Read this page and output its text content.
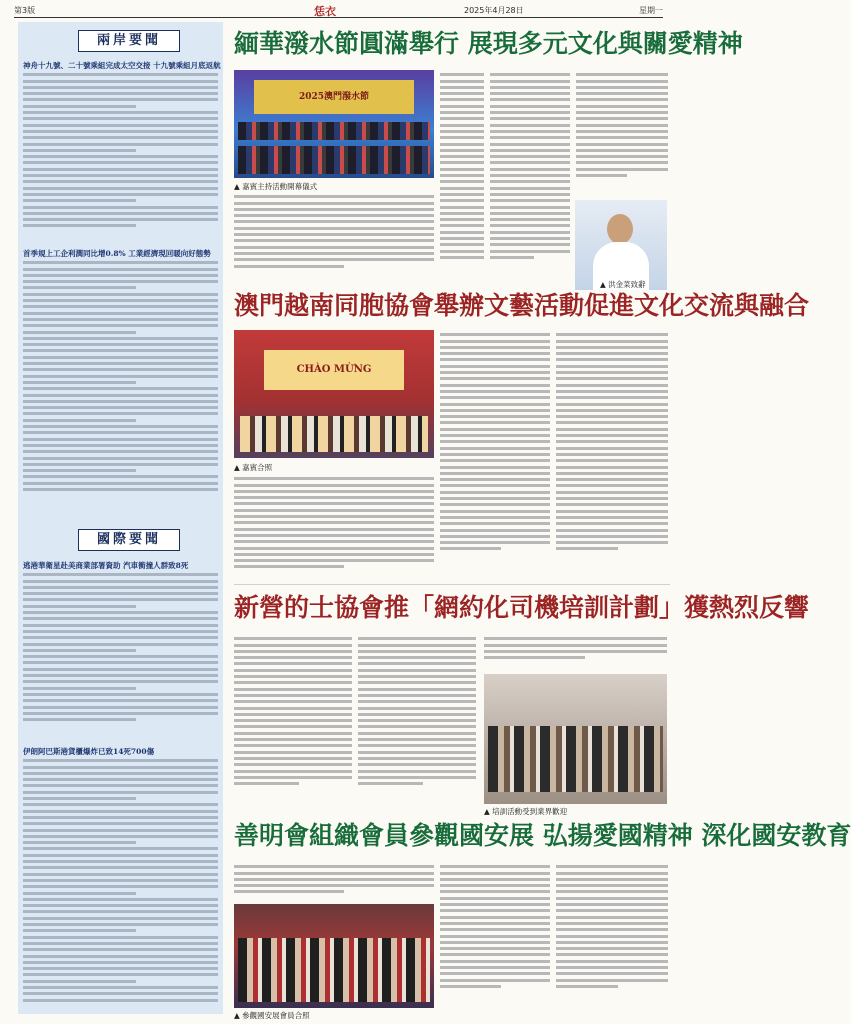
第3版	恁衣	2025年4月28日	星期一
兩岸要聞
神舟十九號、二十號乘組完成太空交接 十九號乘組月底返航
首季規上工企利潤同比增0.8% 工業經濟現回暖向好態勢
國際要聞
逃港華衛星赴美商業部署資助 汽車衝撞人群致8死
伊朗阿巴斯港貨櫃爆炸已致14死700傷
緬華潑水節圓滿舉行 展現多元文化與關愛精神
2025澳門潑水節
▲ 嘉賓主持活動開幕儀式
▲ 洪金菜致辭
澳門越南同胞協會舉辦文藝活動促進文化交流與融合
CHÀO MỪNG
▲ 嘉賓合照
新營的士協會推「網約化司機培訓計劃」獲熱烈反響
▲ 培訓活動受到業界歡迎
善明會組織會員參觀國安展 弘揚愛國精神 深化國安教育
▲ 參觀國安展會員合照
